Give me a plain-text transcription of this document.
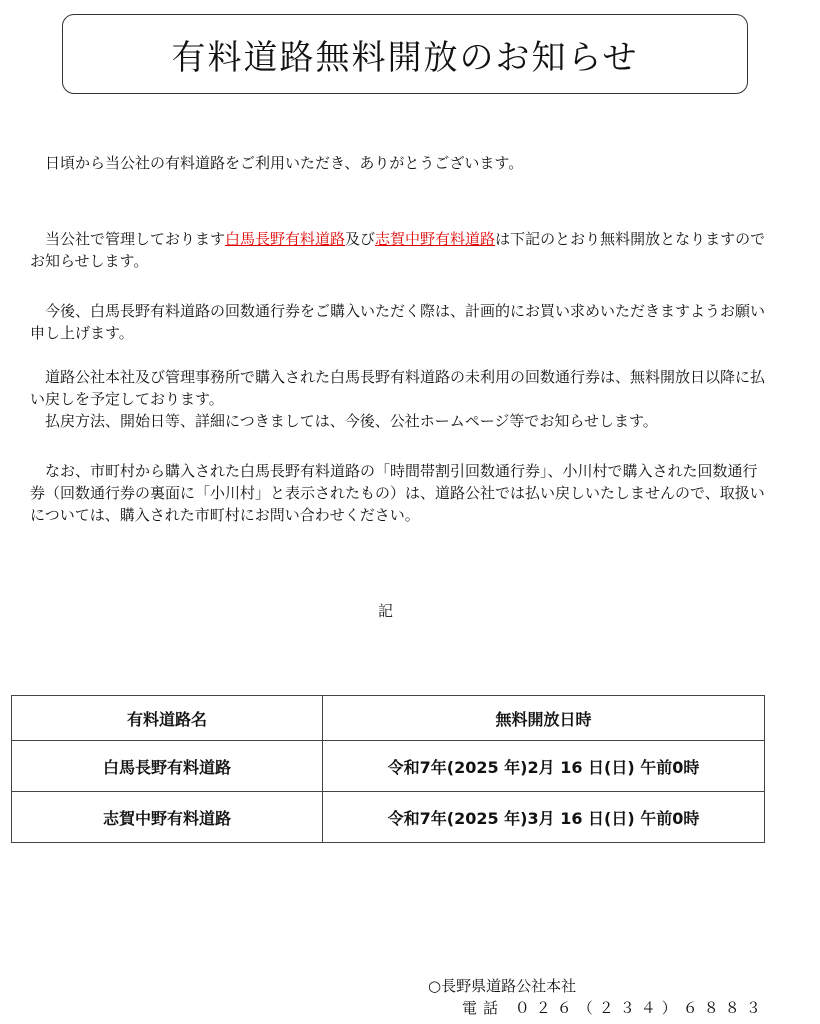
有料道路無料開放のお知らせ

日頃から当公社の有料道路をご利用いただき、ありがとうございます。

当公社で管理しております白馬長野有料道路及び志賀中野有料道路は下記のとおり無料開放となりますのでお知らせします。

今後、白馬長野有料道路の回数通行券をご購入いただく際は、計画的にお買い求めいただきますようお願い申し上げます。

道路公社本社及び管理事務所で購入された白馬長野有料道路の未利用の回数通行券は、無料開放日以降に払い戻しを予定しております。

払戻方法、開始日等、詳細につきましては、今後、公社ホームページ等でお知らせします。

なお、市町村から購入された白馬長野有料道路の「時間帯割引回数通行券」、小川村で購入された回数通行券（回数通行券の裏面に「小川村」と表示されたもの）は、道路公社では払い戻しいたしませんので、取扱いについては、購入された市町村にお問い合わせください。

記
有料道路名	無料開放日時
白馬長野有料道路	令和7年(2025 年)2月 16 日(日) 午前0時
志賀中野有料道路	令和7年(2025 年)3月 16 日(日) 午前0時
○長野県道路公社本社
電話 ０２６（２３４）６８８３
